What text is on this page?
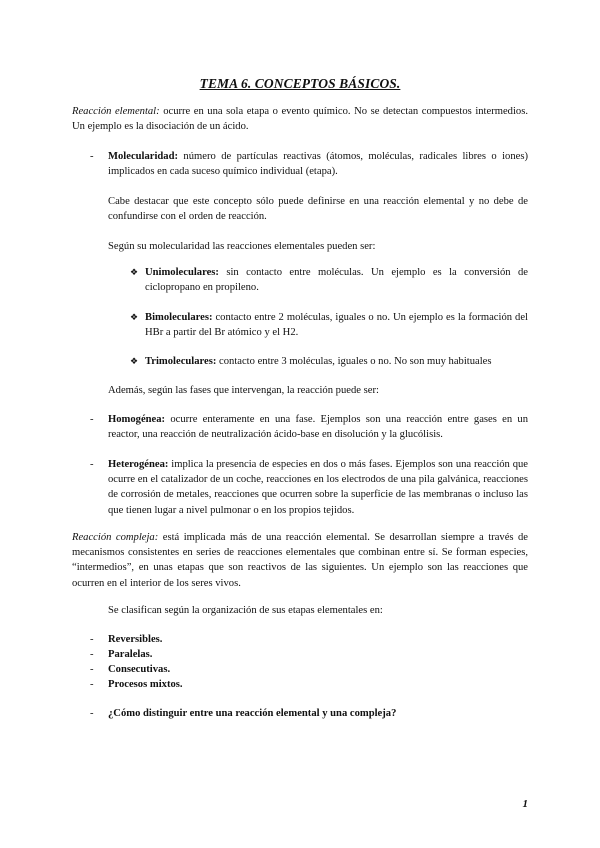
TEMA 6. CONCEPTOS BÁSICOS.

Reacción elemental: ocurre en una sola etapa o evento químico. No se detectan compuestos intermedios. Un ejemplo es la disociación de un ácido.

- Molecularidad: número de partículas reactivas (átomos, moléculas, radicales libres o iones) implicados en cada suceso químico individual (etapa).

Cabe destacar que este concepto sólo puede definirse en una reacción elemental y no debe de confundirse con el orden de reacción.

Según su molecularidad las reacciones elementales pueden ser:

❖ Unimoleculares: sin contacto entre moléculas. Un ejemplo es la conversión de ciclopropano en propileno.

❖ Bimoleculares: contacto entre 2 moléculas, iguales o no. Un ejemplo es la formación del HBr a partir del Br atómico y el H2.

❖ Trimoleculares: contacto entre 3 moléculas, iguales o no. No son muy habituales

Además, según las fases que intervengan, la reacción puede ser:

- Homogénea: ocurre enteramente en una fase. Ejemplos son una reacción entre gases en un reactor, una reacción de neutralización ácido-base en disolución y la glucólisis.

- Heterogénea: implica la presencia de especies en dos o más fases. Ejemplos son una reacción que ocurre en el catalizador de un coche, reacciones en los electrodos de una pila galvánica, reacciones de corrosión de metales, reacciones que ocurren sobre la superficie de las membranas o incluso las que tienen lugar a nivel pulmonar o en los propios tejidos.

Reacción compleja: está implicada más de una reacción elemental. Se desarrollan siempre a través de mecanismos consistentes en series de reacciones elementales que combinan entre sí. Se forman especies, “intermedios”, en unas etapas que son reactivos de las siguientes. Un ejemplo son las reacciones que ocurren en el interior de los seres vivos.

Se clasifican según la organización de sus etapas elementales en:

- Reversibles.

- Paralelas.

- Consecutivas.

- Procesos mixtos.

- ¿Cómo distinguir entre una reacción elemental y una compleja?

1
